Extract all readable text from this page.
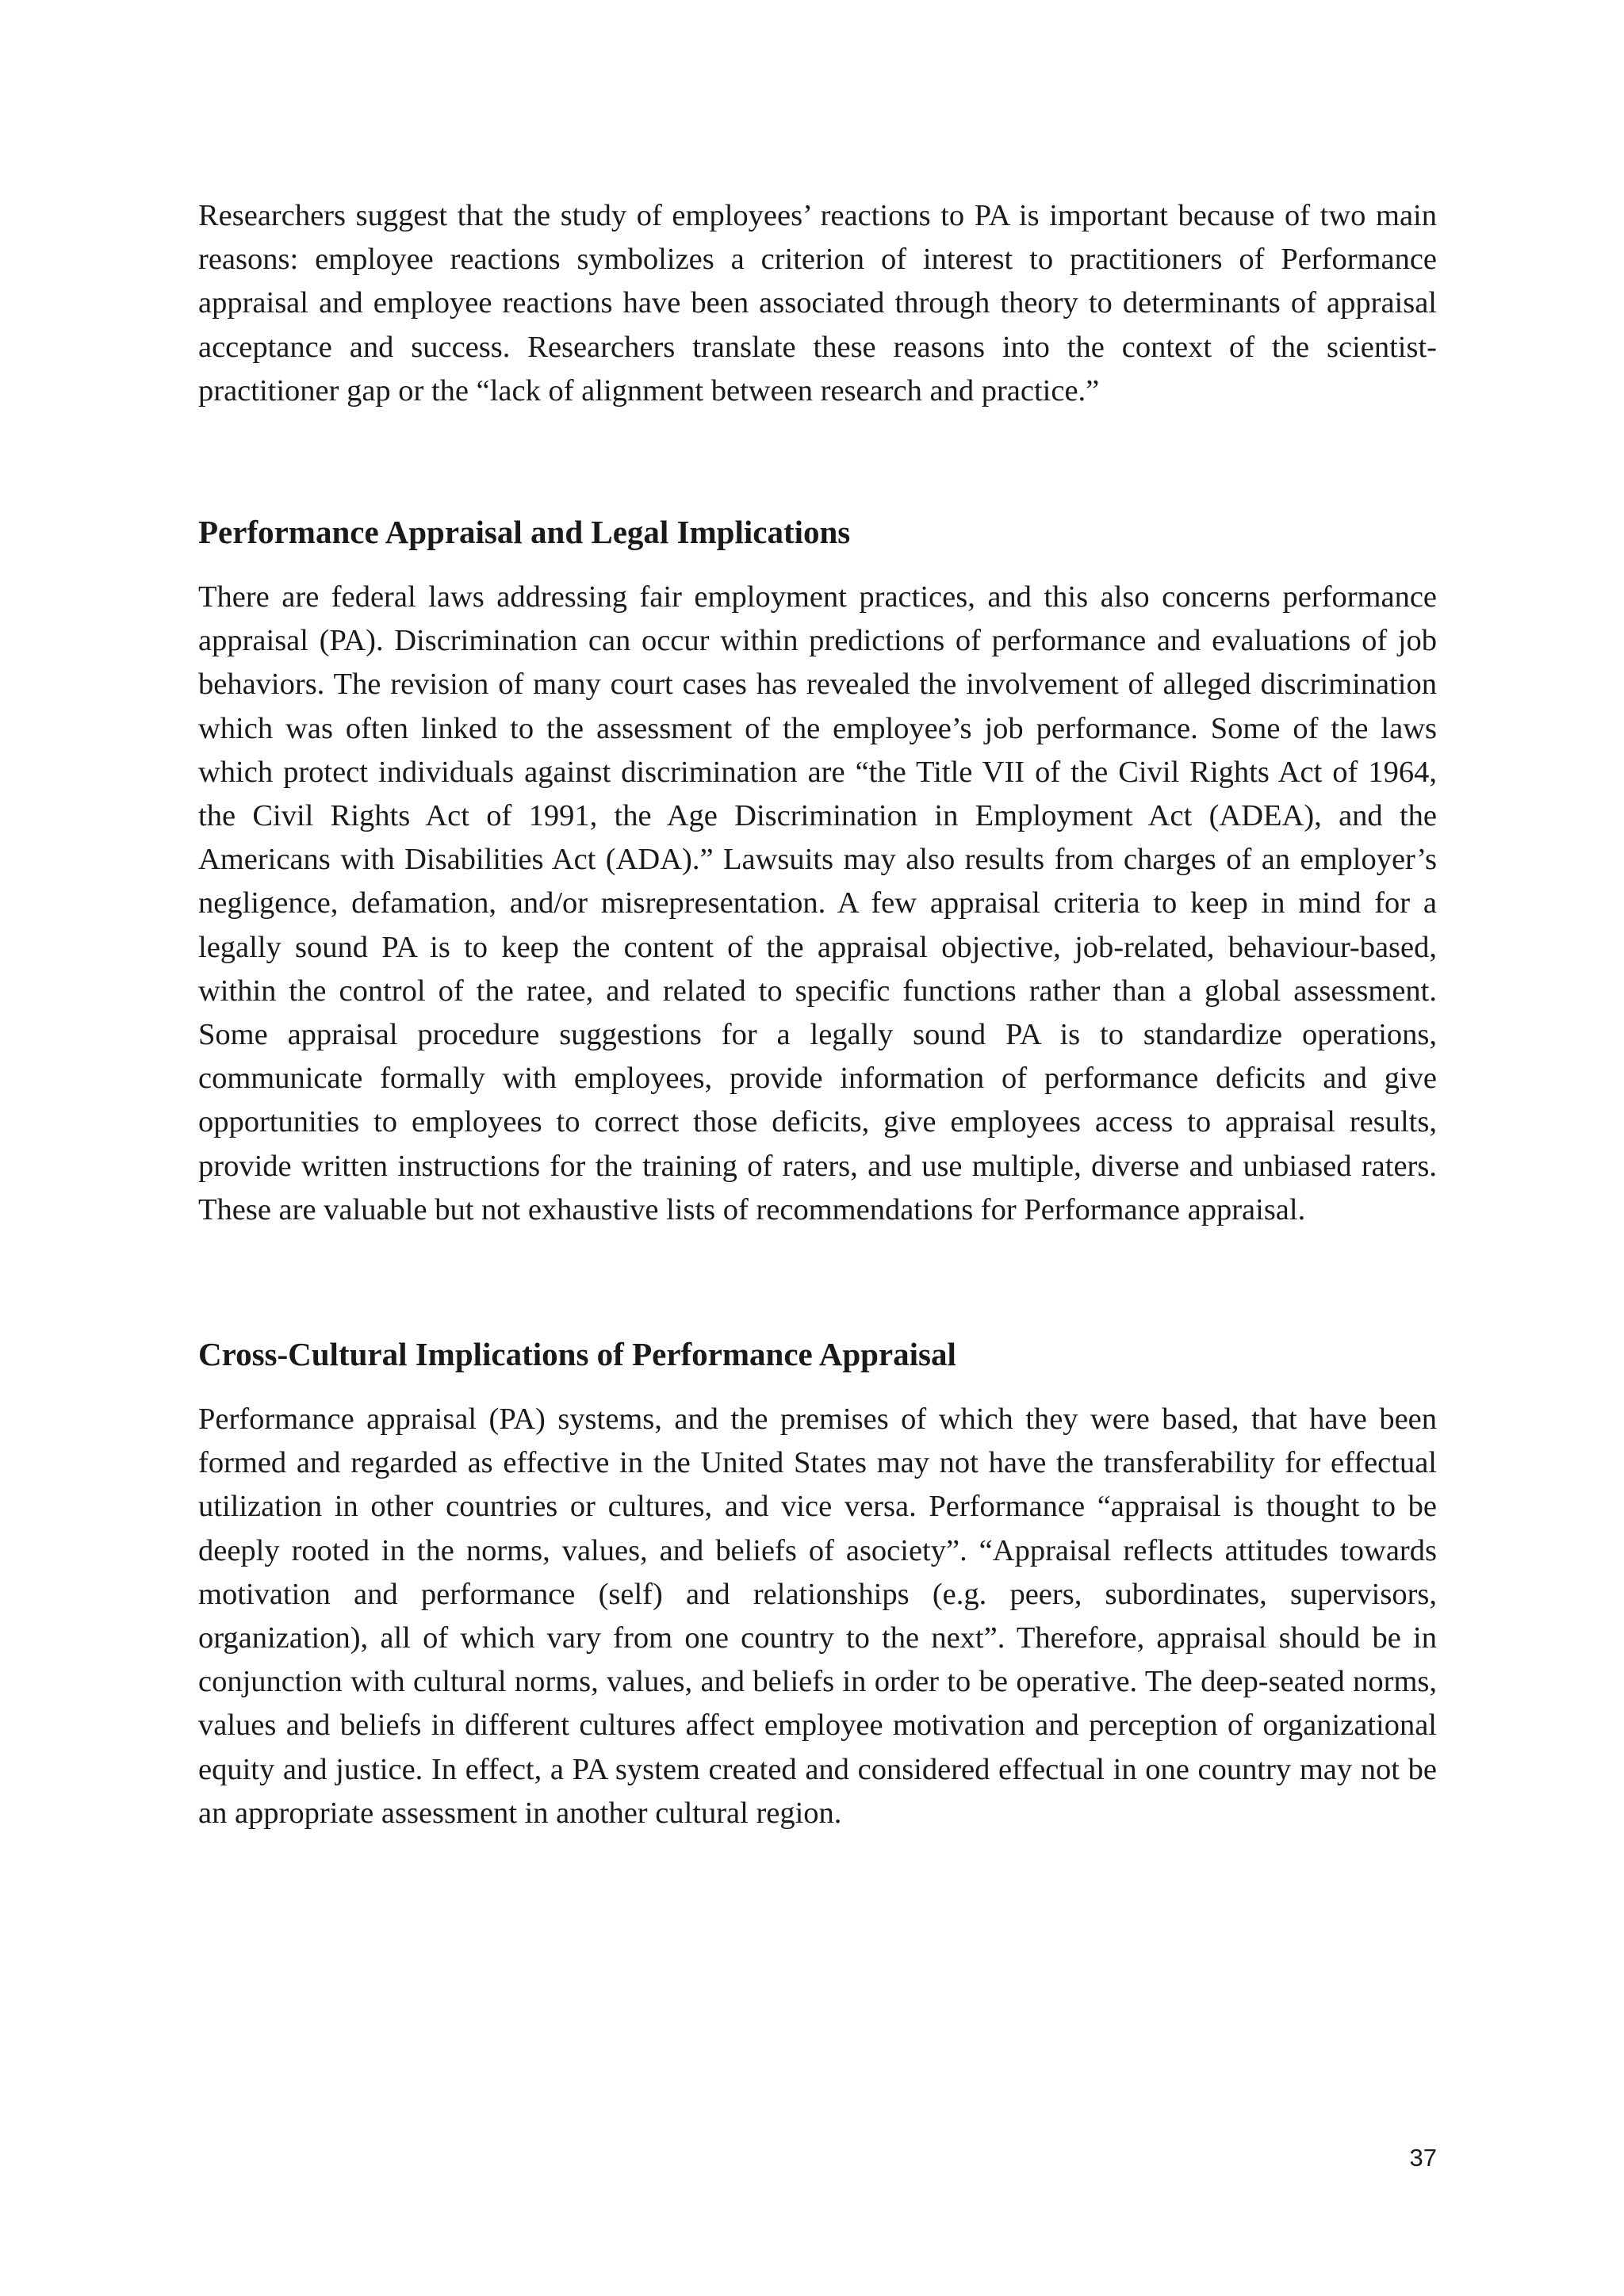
Researchers suggest that the study of employees’ reactions to PA is important because of two main reasons: employee reactions symbolizes a criterion of interest to practitioners of Performance appraisal and employee reactions have been associated through theory to determinants of appraisal acceptance and success. Researchers translate these reasons into the context of the scientist-practitioner gap or the “lack of alignment between research and practice.”

Performance Appraisal and Legal Implications

There are federal laws addressing fair employment practices, and this also concerns performance appraisal (PA). Discrimination can occur within predictions of performance and evaluations of job behaviors. The revision of many court cases has revealed the involvement of alleged discrimination which was often linked to the assessment of the employee’s job performance. Some of the laws which protect individuals against discrimination are “the Title VII of the Civil Rights Act of 1964, the Civil Rights Act of 1991, the Age Discrimination in Employment Act (ADEA), and the Americans with Disabilities Act (ADA).” Lawsuits may also results from charges of an employer’s negligence, defamation, and/or misrepresentation. A few appraisal criteria to keep in mind for a legally sound PA is to keep the content of the appraisal objective, job-related, behaviour-based, within the control of the ratee, and related to specific functions rather than a global assessment. Some appraisal procedure suggestions for a legally sound PA is to standardize operations, communicate formally with employees, provide information of performance deficits and give opportunities to employees to correct those deficits, give employees access to appraisal results, provide written instructions for the training of raters, and use multiple, diverse and unbiased raters. These are valuable but not exhaustive lists of recommendations for Performance appraisal.

Cross-Cultural Implications of Performance Appraisal

Performance appraisal (PA) systems, and the premises of which they were based, that have been formed and regarded as effective in the United States may not have the transferability for effectual utilization in other countries or cultures, and vice versa. Performance “appraisal is thought to be deeply rooted in the norms, values, and beliefs of asociety”. “Appraisal reflects attitudes towards motivation and performance (self) and relationships (e.g. peers, subordinates, supervisors, organization), all of which vary from one country to the next”. Therefore, appraisal should be in conjunction with cultural norms, values, and beliefs in order to be operative. The deep-seated norms, values and beliefs in different cultures affect employee motivation and perception of organizational equity and justice. In effect, a PA system created and considered effectual in one country may not be an appropriate assessment in another cultural region.

37
